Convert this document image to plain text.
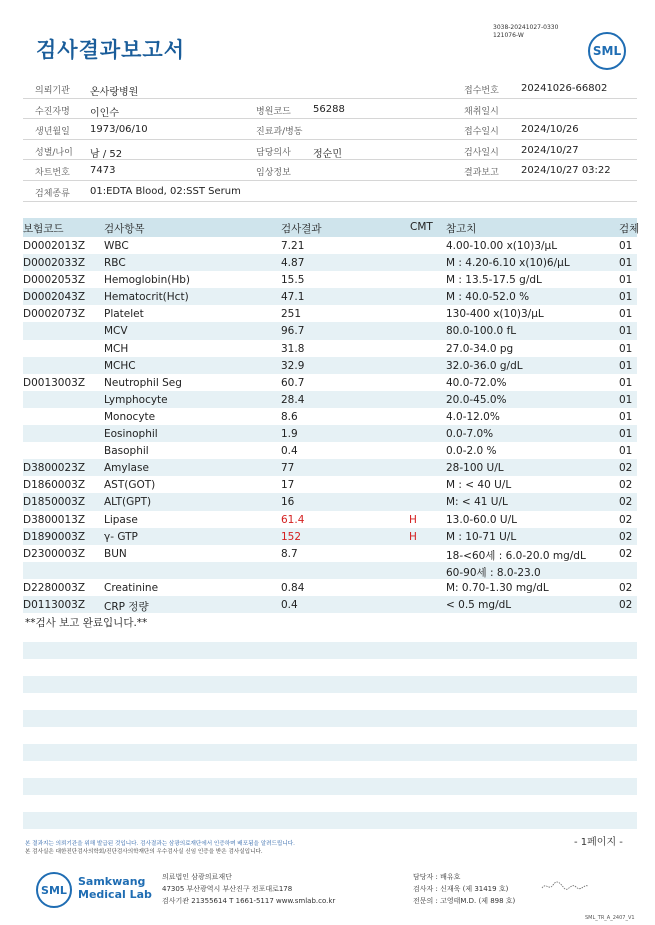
검사결과보고서
3038-20241027-0330
121076-W
SML
의뢰기관 온사랑병원	접수번호 20241026-66802
수진자명 이인수	병원코드 56288	채취일시
생년월일 1973/06/10	진료과/병동	접수일시 2024/10/26
성별/나이 남 / 52	담당의사 정순민	검사일시 2024/10/27
차트번호 7473	임상정보	결과보고 2024/10/27 03:22
검체종류 01:EDTA Blood, 02:SST Serum
보험코드	검사항목	검사결과	CMT 참고치	검체
D0002013Z WBC	7.21	4.00-10.00 x(10)3/μL	01
D0002033Z RBC	4.87	M : 4.20-6.10 x(10)6/μL	01
D0002053Z Hemoglobin(Hb)	15.5	M : 13.5-17.5 g/dL	01
D0002043Z Hematocrit(Hct)	47.1	M : 40.0-52.0 %	01
D0002073Z Platelet	251	130-400 x(10)3/μL	01
MCV	96.7	80.0-100.0 fL	01
MCH	31.8	27.0-34.0 pg	01
MCHC	32.9	32.0-36.0 g/dL	01
D0013003Z Neutrophil Seg	60.7	40.0-72.0%	01
Lymphocyte	28.4	20.0-45.0%	01
Monocyte	8.6	4.0-12.0%	01
Eosinophil	1.9	0.0-7.0%	01
Basophil	0.4	0.0-2.0 %	01
D3800023Z Amylase	77	28-100 U/L	02
D1860003Z AST(GOT)	17	M : < 40 U/L	02
D1850003Z ALT(GPT)	16	M: < 41 U/L	02
D3800013Z Lipase	61.4	H	13.0-60.0 U/L	02
D1890003Z γ- GTP	152	H	M : 10-71 U/L	02
D2300003Z BUN	8.7	18-<60세 : 6.0-20.0 mg/dL	02
60-90세 : 8.0-23.0
D2280003Z Creatinine	0.84	M: 0.70-1.30 mg/dL	02
D0113003Z CRP 정량	0.4	< 0.5 mg/dL	02
**검사 보고 완료입니다.**
- 1페이지 -
본 결과지는 의뢰기관을 위해 발급된 것입니다. 검사결과는 삼광의료재단에서 인증하며 배포됨을 알려드립니다.
본 검사실은 대한진단검사의학회/진단검사의학재단의 우수검사실 신임 인증을 받은 검사실입니다.
SML
Samkwang
Medical Lab
의료법인 삼광의료재단
47305 부산광역시 부산진구 전포대로178
검사기관 21355614 T 1661-5117 www.smlab.co.kr
담당자 : 배유호
검사자 : 신재욱 (제 31419 호)
전문의 : 고영태M.D. (제 898 호)
SML_TR_A_2407_V1
